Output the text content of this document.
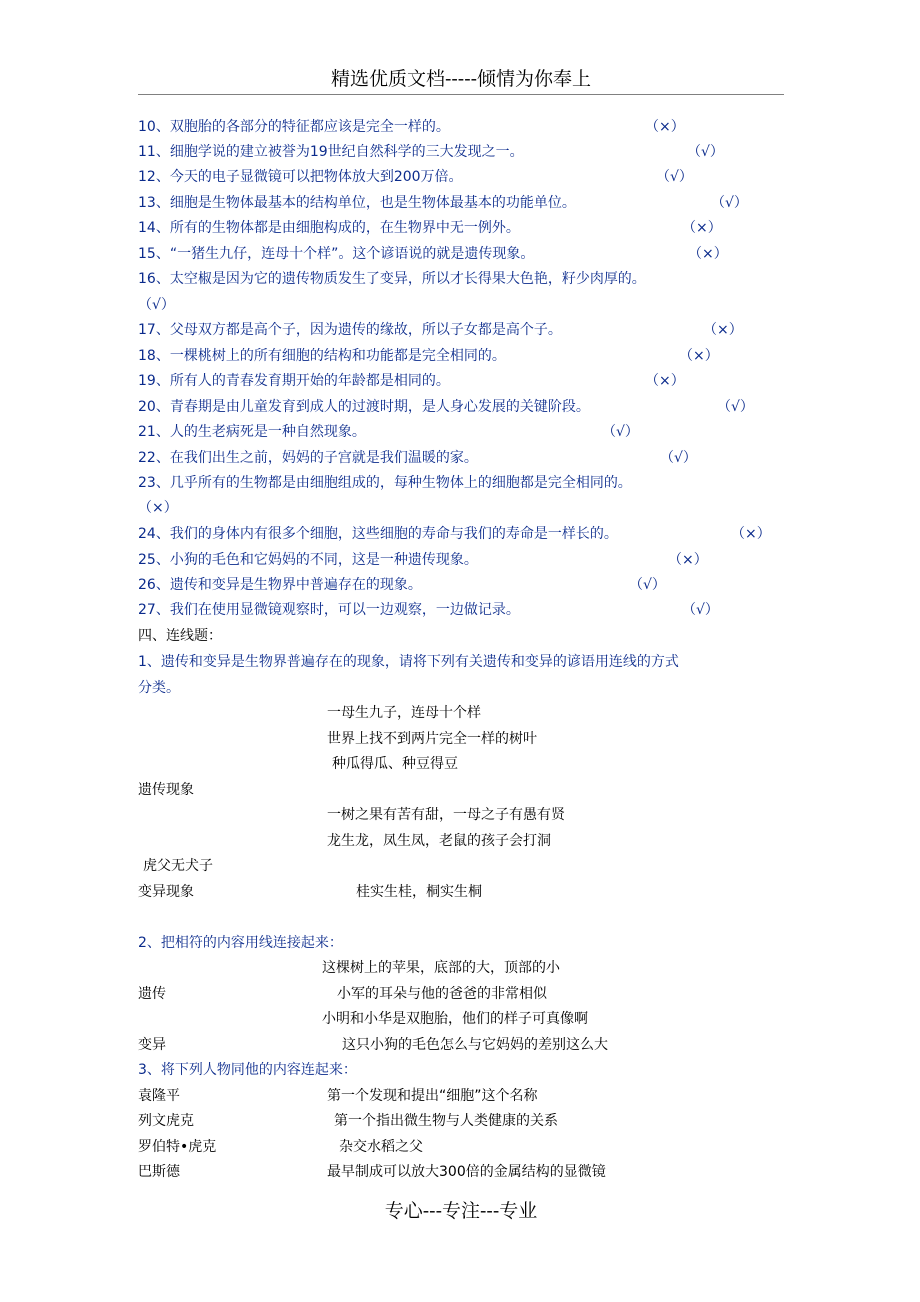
精选优质文档-----倾情为你奉上
10、双胞胎的各部分的特征都应该是完全一样的。	（×）
11、细胞学说的建立被誉为19世纪自然科学的三大发现之一。	（√）
12、今天的电子显微镜可以把物体放大到200万倍。	（√）
13、细胞是生物体最基本的结构单位，也是生物体最基本的功能单位。	（√）
14、所有的生物体都是由细胞构成的，在生物界中无一例外。	（×）
15、“一猪生九仔，连母十个样”。这个谚语说的就是遗传现象。	（×）
16、太空椒是因为它的遗传物质发生了变异，所以才长得果大色艳，籽少肉厚的。
（√）
17、父母双方都是高个子，因为遗传的缘故，所以子女都是高个子。	（×）
18、一棵桃树上的所有细胞的结构和功能都是完全相同的。	（×）
19、所有人的青春发育期开始的年龄都是相同的。	（×）
20、青春期是由儿童发育到成人的过渡时期，是人身心发展的关键阶段。	（√）
21、人的生老病死是一种自然现象。	（√）
22、在我们出生之前，妈妈的子宫就是我们温暖的家。	（√）
23、几乎所有的生物都是由细胞组成的，每种生物体上的细胞都是完全相同的。
（×）
24、我们的身体内有很多个细胞，这些细胞的寿命与我们的寿命是一样长的。	（×）
25、小狗的毛色和它妈妈的不同，这是一种遗传现象。	（×）
26、遗传和变异是生物界中普遍存在的现象。	（√）
27、我们在使用显微镜观察时，可以一边观察，一边做记录。	（√）
四、连线题：
1、遗传和变异是生物界普遍存在的现象，请将下列有关遗传和变异的谚语用连线的方式
分类。
一母生九子，连母十个样
世界上找不到两片完全一样的树叶
种瓜得瓜、种豆得豆
遗传现象
一树之果有苦有甜，一母之子有愚有贤
龙生龙，凤生凤，老鼠的孩子会打洞
虎父无犬子
变异现象	桂实生桂，桐实生桐
2、把相符的内容用线连接起来：
这棵树上的苹果，底部的大，顶部的小
遗传	小军的耳朵与他的爸爸的非常相似
小明和小华是双胞胎，他们的样子可真像啊
变异	这只小狗的毛色怎么与它妈妈的差别这么大
3、将下列人物同他的内容连起来：
袁隆平	第一个发现和提出“细胞”这个名称
列文虎克	第一个指出微生物与人类健康的关系
罗伯特•虎克	杂交水稻之父
巴斯德	最早制成可以放大300倍的金属结构的显微镜
专心---专注---专业
